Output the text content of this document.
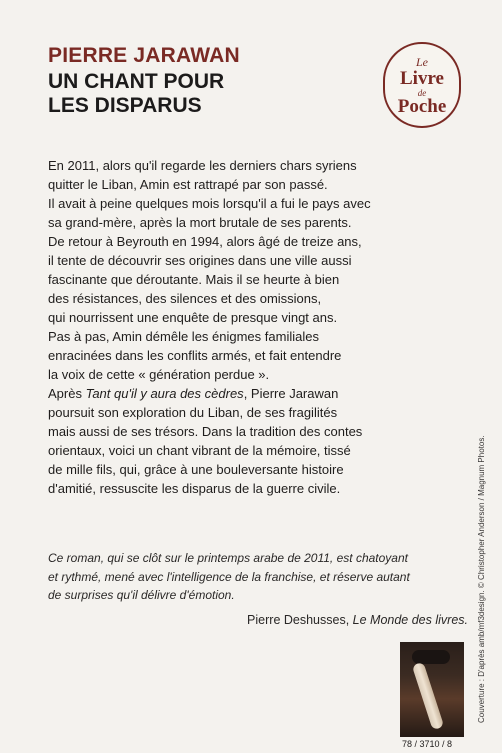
PIERRE JARAWAN
UN CHANT POUR
LES DISPARUS
Le
Livre
de
Poche
En 2011, alors qu'il regarde les derniers chars syriens
quitter le Liban, Amin est rattrapé par son passé.
Il avait à peine quelques mois lorsqu'il a fui le pays avec
sa grand-mère, après la mort brutale de ses parents.
De retour à Beyrouth en 1994, alors âgé de treize ans,
il tente de découvrir ses origines dans une ville aussi
fascinante que déroutante. Mais il se heurte à bien
des résistances, des silences et des omissions,
qui nourrissent une enquête de presque vingt ans.
Pas à pas, Amin démêle les énigmes familiales
enracinées dans les conflits armés, et fait entendre
la voix de cette « génération perdue ».
Après Tant qu'il y aura des cèdres, Pierre Jarawan
poursuit son exploration du Liban, de ses fragilités
mais aussi de ses trésors. Dans la tradition des contes
orientaux, voici un chant vibrant de la mémoire, tissé
de mille fils, qui, grâce à une bouleversante histoire
d'amitié, ressuscite les disparus de la guerre civile.
Ce roman, qui se clôt sur le printemps arabe de 2011, est chatoyant
et rythmé, mené avec l'intelligence de la franchise, et réserve autant
de surprises qu'il délivre d'émotion.
Pierre Deshusses, Le Monde des livres. Couverture : D'après amb/mf3design. © Christopher Anderson / Magnum Photos.
78 / 3710 / 8
